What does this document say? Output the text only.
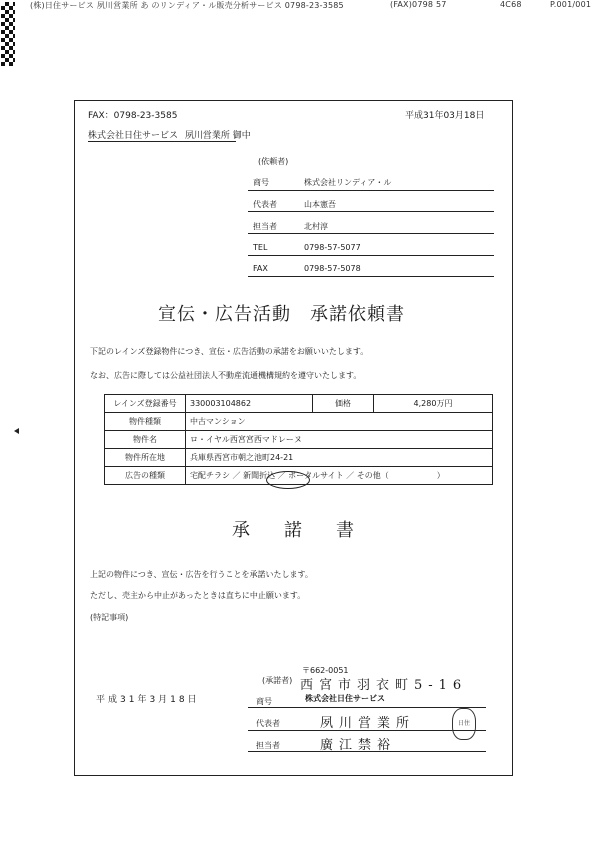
(株)日住サービス 夙川営業所 あ のリンディア・ル販売分析サービス 0798-23-3585	(FAX)0798 57	4C68	P.001/001
FAX：0798-23-3585	平成31年03月18日
株式会社日住サービス 夙川営業所 御中
(依頼者)
商号	株式会社リンディア・ル
代表者	山本憲吾
担当者	北村淳
TEL	0798-57-5077
FAX	0798-57-5078
宣伝・広告活動　承諾依頼書
下記のレインズ登録物件につき、宣伝・広告活動の承諾をお願いいたします。
なお、広告に際しては公益社団法人不動産流通機構規約を遵守いたします。
レインズ登録番号	330003104862	価格	4,280万円
物件種類	中古マンション		
物件名	ロ・イヤル西宮宮西マドレーヌ		
物件所在地	兵庫県西宮市朝之池町24-21		
広告の種類	宅配チラシ ／ 新聞折込 ／ ポータルサイト ／ その他（　　　　　　）		
承諾書
上記の物件につき、宣伝・広告を行うことを承諾いたします。
ただし、売主から中止があったときは直ちに中止願います。
(特記事項)
(承諾者)
〒662-0051
西宮市羽衣町5-16
平成31年3月18日	商号	株式会社日住サービス
代表者	夙川営業所
担当者	廣江禁裕
日住
